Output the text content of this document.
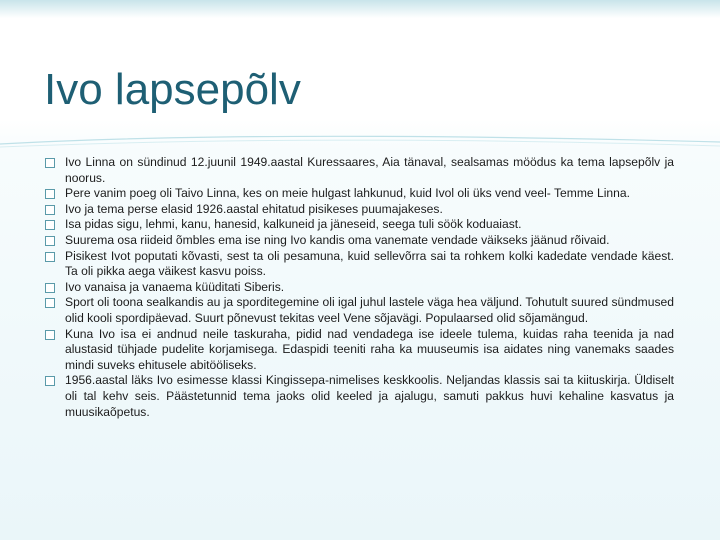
Ivo lapsepõlv
Ivo Linna on sündinud 12.juunil 1949.aastal Kuressaares, Aia tänaval, sealsamas möödus ka tema lapsepõlv ja noorus.
Pere vanim poeg oli Taivo Linna, kes on meie hulgast lahkunud, kuid Ivol oli üks vend veel- Temme Linna.
Ivo ja tema perse elasid 1926.aastal ehitatud pisikeses puumajakeses.
Isa pidas sigu, lehmi, kanu, hanesid, kalkuneid ja jäneseid, seega tuli söök koduaiast.
Suurema osa riideid õmbles ema ise ning Ivo kandis oma vanemate vendade väikseks jäänud rõivaid.
Pisikest Ivot poputati kõvasti, sest ta oli pesamuna, kuid sellevõrra sai ta rohkem kolki kadedate vendade käest. Ta oli pikka aega väikest kasvu poiss.
Ivo vanaisa ja vanaema küüditati Siberis.
Sport oli toona sealkandis au ja sporditegemine oli igal juhul lastele väga hea väljund. Tohutult suured sündmused olid kooli spordipäevad. Suurt põnevust tekitas veel Vene sõjavägi. Populaarsed olid sõjamängud.
Kuna Ivo isa ei andnud neile taskuraha, pidid nad vendadega ise ideele tulema, kuidas raha teenida ja nad alustasid tühjade pudelite korjamisega. Edaspidi teeniti raha ka muuseumis isa aidates ning vanemaks saades mindi suveks ehitusele abitööliseks.
1956.aastal läks Ivo esimesse klassi Kingissepa-nimelises keskkoolis. Neljandas klassis sai ta kiituskirja. Üldiselt oli tal kehv seis. Päästetunnid tema jaoks olid keeled ja ajalugu, samuti pakkus huvi kehaline kasvatus ja muusikaõpetus.
